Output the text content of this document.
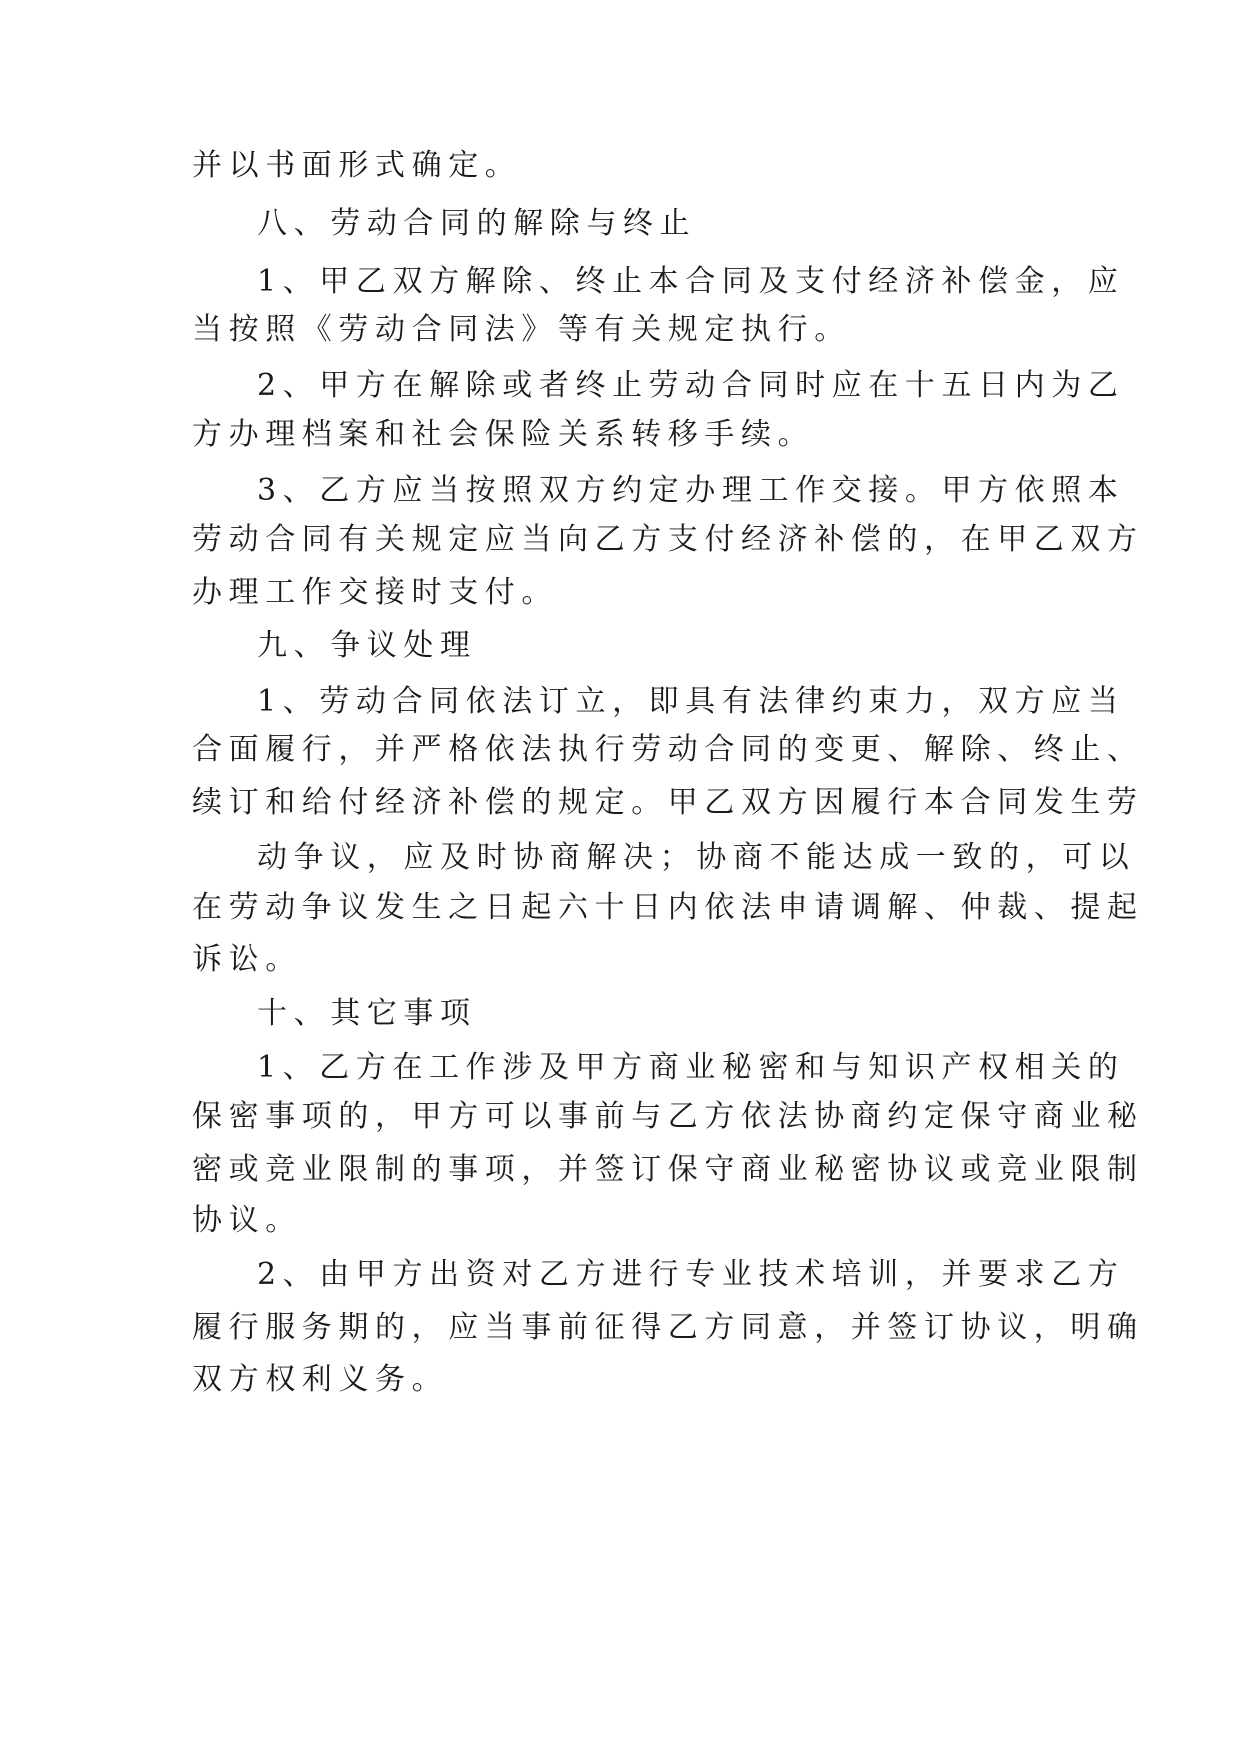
并以书面形式确定。
八、劳动合同的解除与终止
1、甲乙双方解除、终止本合同及支付经济补偿金，应
当按照《劳动合同法》等有关规定执行。
2、甲方在解除或者终止劳动合同时应在十五日内为乙
方办理档案和社会保险关系转移手续。
3、乙方应当按照双方约定办理工作交接。甲方依照本
劳动合同有关规定应当向乙方支付经济补偿的，在甲乙双方
办理工作交接时支付。
九、争议处理
1、劳动合同依法订立，即具有法律约束力，双方应当
合面履行，并严格依法执行劳动合同的变更、解除、终止、
续订和给付经济补偿的规定。甲乙双方因履行本合同发生劳
动争议，应及时协商解决；协商不能达成一致的，可以
在劳动争议发生之日起六十日内依法申请调解、仲裁、提起
诉讼。
十、其它事项
1、乙方在工作涉及甲方商业秘密和与知识产权相关的
保密事项的，甲方可以事前与乙方依法协商约定保守商业秘
密或竞业限制的事项，并签订保守商业秘密协议或竞业限制
协议。
2、由甲方出资对乙方进行专业技术培训，并要求乙方
履行服务期的，应当事前征得乙方同意，并签订协议，明确
双方权利义务。
